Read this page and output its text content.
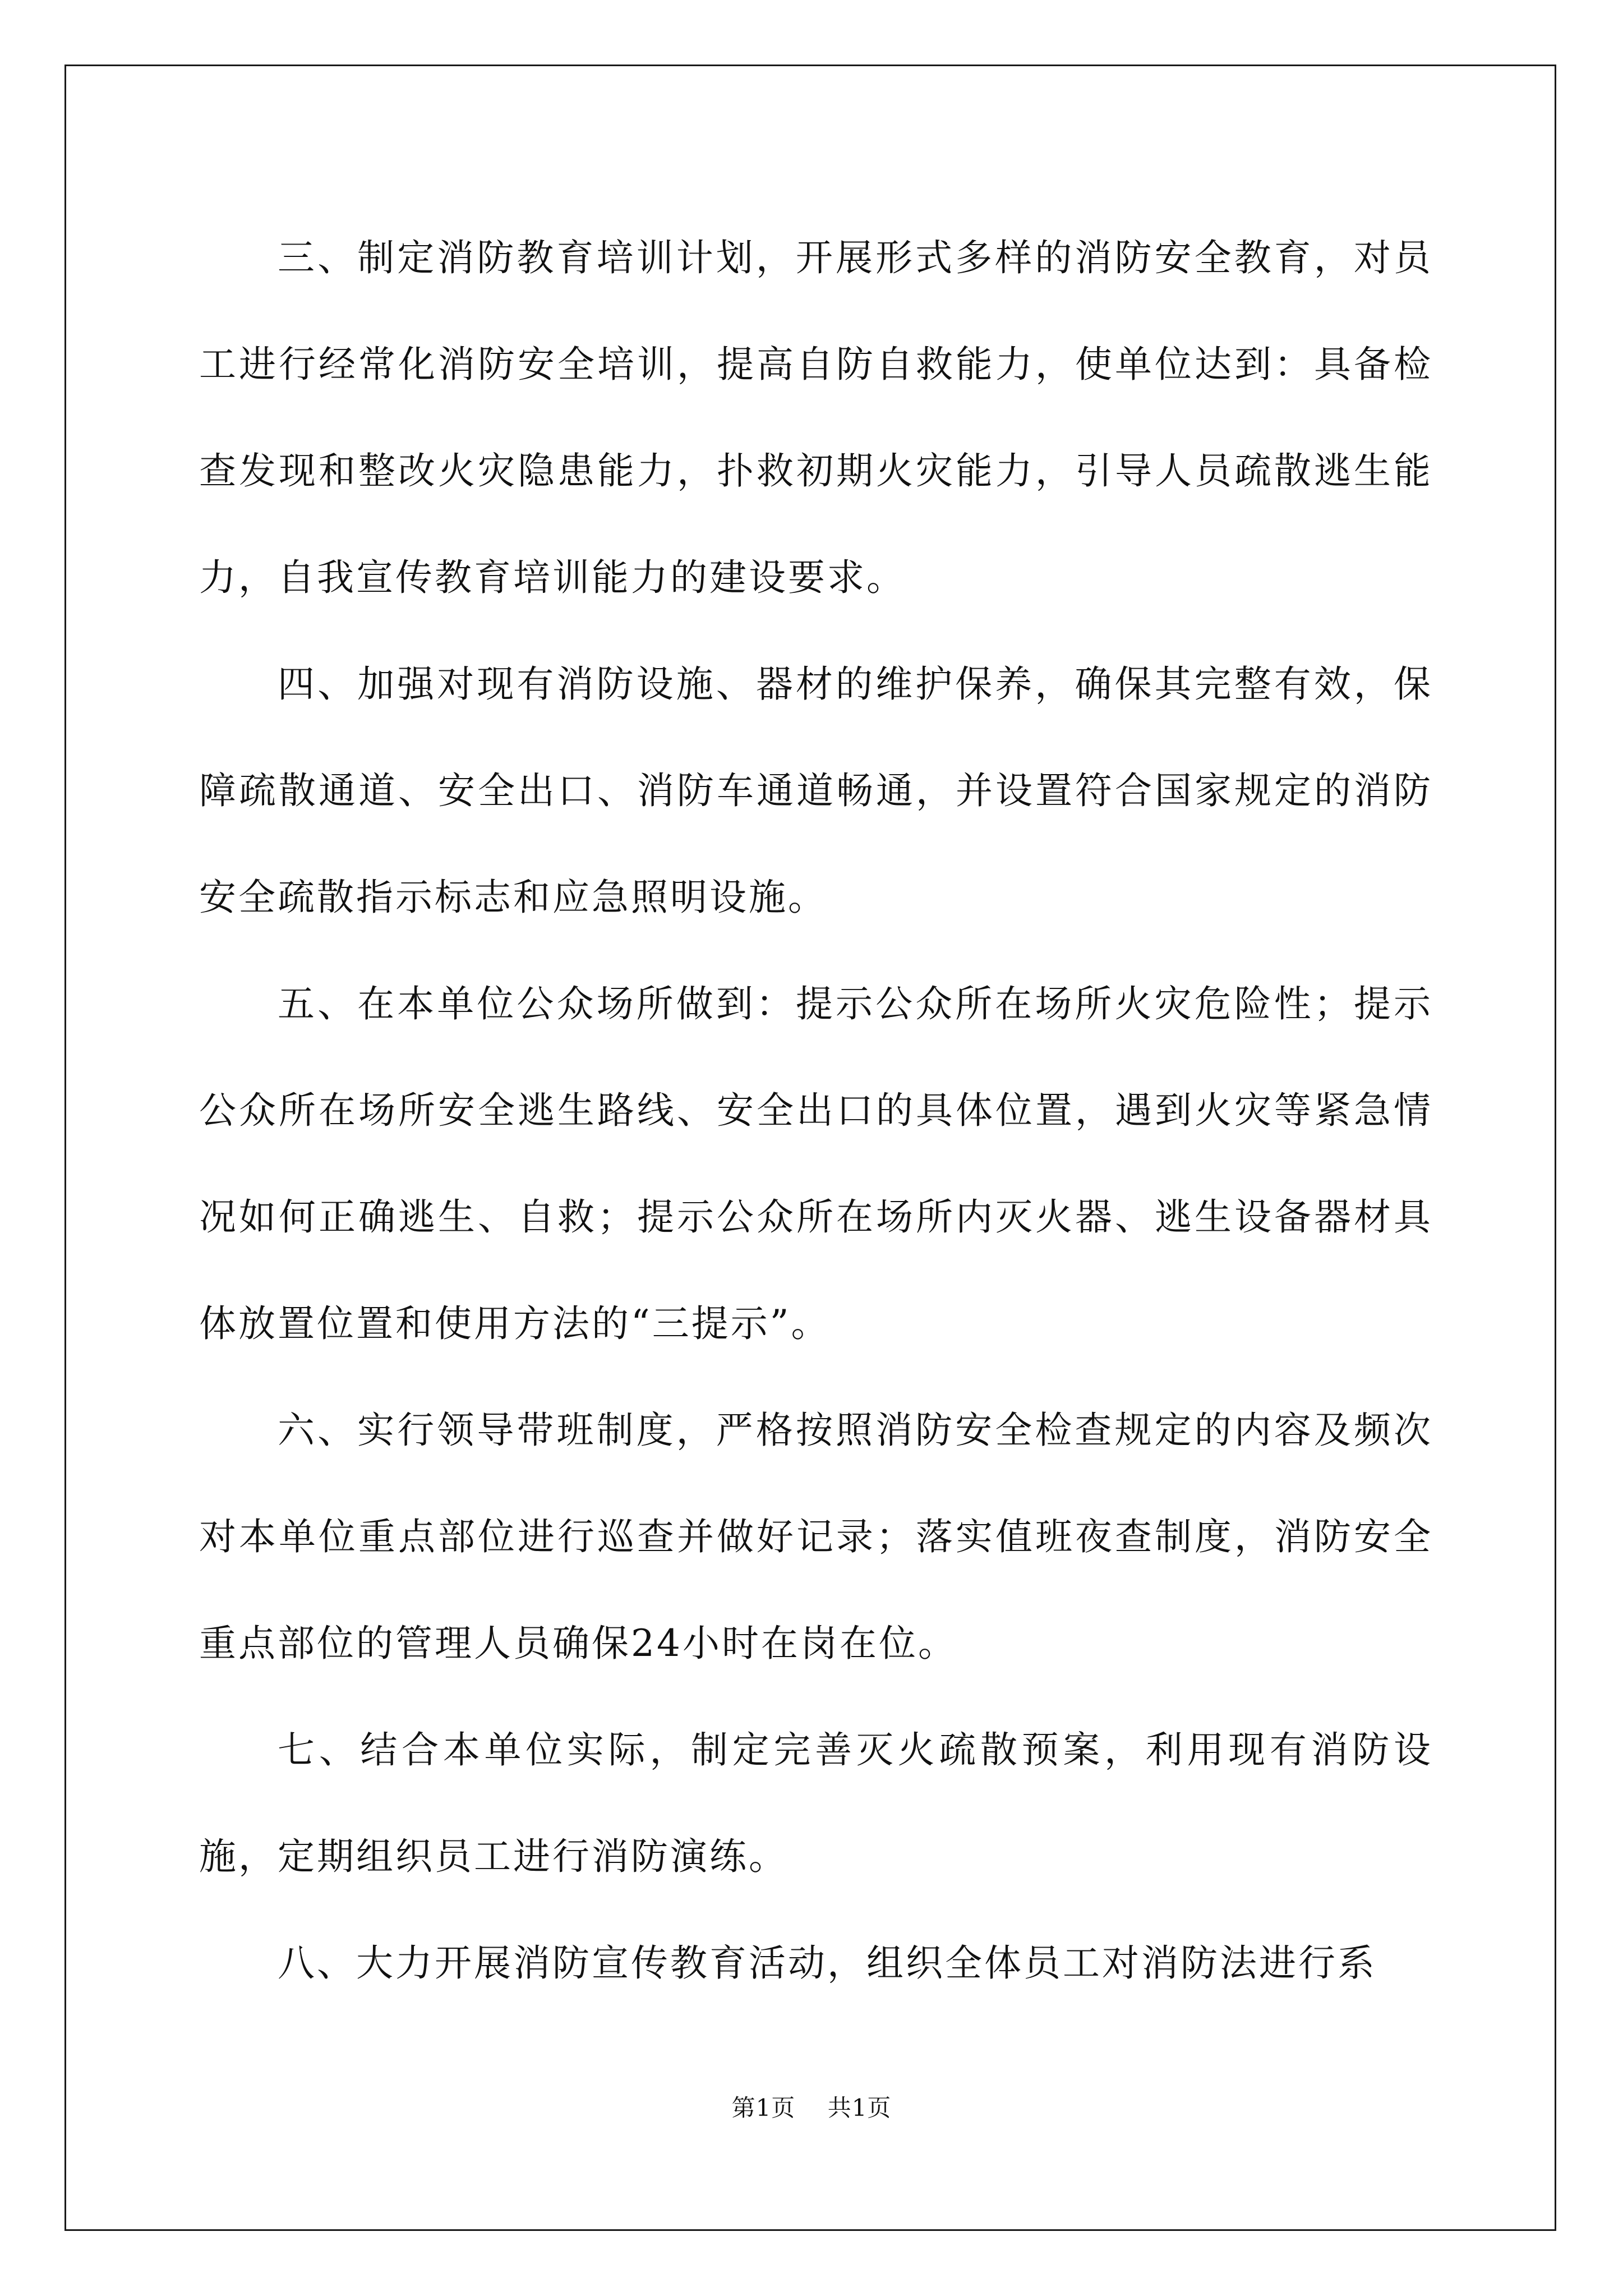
三、制定消防教育培训计划，开展形式多样的消防安全教育，对员工进行经常化消防安全培训，提高自防自救能力，使单位达到：具备检查发现和整改火灾隐患能力，扑救初期火灾能力，引导人员疏散逃生能力，自我宣传教育培训能力的建设要求。

四、加强对现有消防设施、器材的维护保养，确保其完整有效，保障疏散通道、安全出口、消防车通道畅通，并设置符合国家规定的消防安全疏散指示标志和应急照明设施。

五、在本单位公众场所做到：提示公众所在场所火灾危险性；提示公众所在场所安全逃生路线、安全出口的具体位置，遇到火灾等紧急情况如何正确逃生、自救；提示公众所在场所内灭火器、逃生设备器材具体放置位置和使用方法的“三提示”。

六、实行领导带班制度，严格按照消防安全检查规定的内容及频次对本单位重点部位进行巡查并做好记录；落实值班夜查制度，消防安全重点部位的管理人员确保24小时在岗在位。

七、结合本单位实际，制定完善灭火疏散预案，利用现有消防设施，定期组织员工进行消防演练。

八、大力开展消防宣传教育活动，组织全体员工对消防法进行系

第1页 共1页
